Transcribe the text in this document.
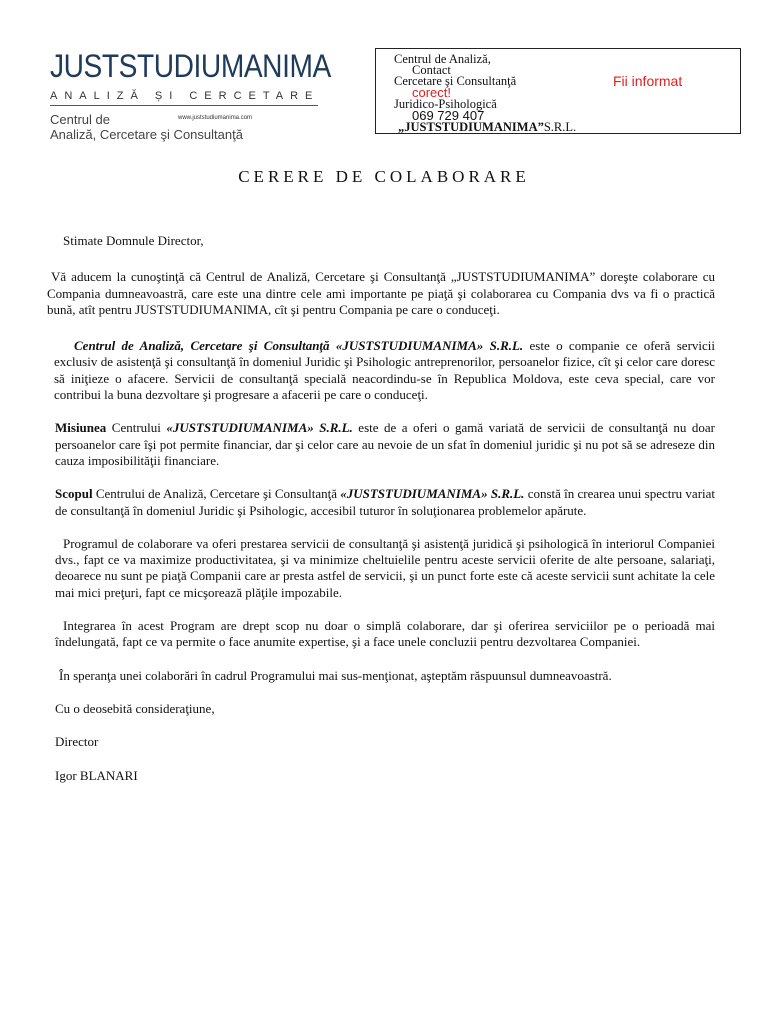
JUSTSTUDIUMANIMA
ANALIZĂ ȘI CERCETARE
www.juststudiumanima.com
Centrul de
Analiză, Cercetare şi Consultanţă
Centrul de Analiză,
Contact
Cercetare şi Consultanţă
corect!
Juridico-Psihologică
069 729 407
„JUSTSTUDIUMANIMA”S.R.L.
Fii informat
CERERE DE COLABORARE

Stimate Domnule Director,

Vă aducem la cunoştinţă că Centrul de Analiză, Cercetare şi Consultanţă „JUSTSTUDIUMANIMA” doreşte colaborare cu Compania dumneavoastră, care este una dintre cele ami importante pe piaţă şi colaborarea cu Compania dvs va fi o practică bună, atît pentru JUSTSTUDIUMANIMA, cît şi pentru Compania pe care o conduceţi.

Centrul de Analiză, Cercetare şi Consultanţă «JUSTSTUDIUMANIMA» S.R.L. este o companie ce oferă servicii exclusiv de asistenţă şi consultanţă în domeniul Juridic şi Psihologic antreprenorilor, persoanelor fizice, cît şi celor care doresc să iniţieze o afacere. Servicii de consultanţă specială neacordindu-se în Republica Moldova, este ceva special, care vor contribui la buna dezvoltare şi progresare a afacerii pe care o conduceţi.

Misiunea Centrului «JUSTSTUDIUMANIMA» S.R.L. este de a oferi o gamă variată de servicii de consultanţă nu doar persoanelor care îşi pot permite financiar, dar şi celor care au nevoie de un sfat în domeniul juridic şi nu pot să se adreseze din cauza imposibilităţii financiare.

Scopul Centrului de Analiză, Cercetare şi Consultanţă «JUSTSTUDIUMANIMA» S.R.L. constă în crearea unui spectru variat de consultanţă în domeniul Juridic şi Psihologic, accesibil tuturor în soluţionarea problemelor apărute.

Programul de colaborare va oferi prestarea servicii de consultanţă şi asistenţă juridică şi psihologică în interiorul Companiei dvs., fapt ce va maximize productivitatea, şi va minimize cheltuielile pentru aceste servicii oferite de alte persoane, salariaţi, deoarece nu sunt pe piaţă Companii care ar presta astfel de servicii, şi un punct forte este că aceste servicii sunt achitate la cele mai mici preţuri, fapt ce micşorează plăţile impozabile.

Integrarea în acest Program are drept scop nu doar o simplă colaborare, dar şi oferirea serviciilor pe o perioadă mai îndelungată, fapt ce va permite o face anumite expertise, şi a face unele concluzii pentru dezvoltarea Companiei.

În speranţa unei colaborări în cadrul Programului mai sus-menţionat, aşteptăm răspuunsul dumneavoastră.

Cu o deosebită consideraţiune,

Director

Igor BLANARI
